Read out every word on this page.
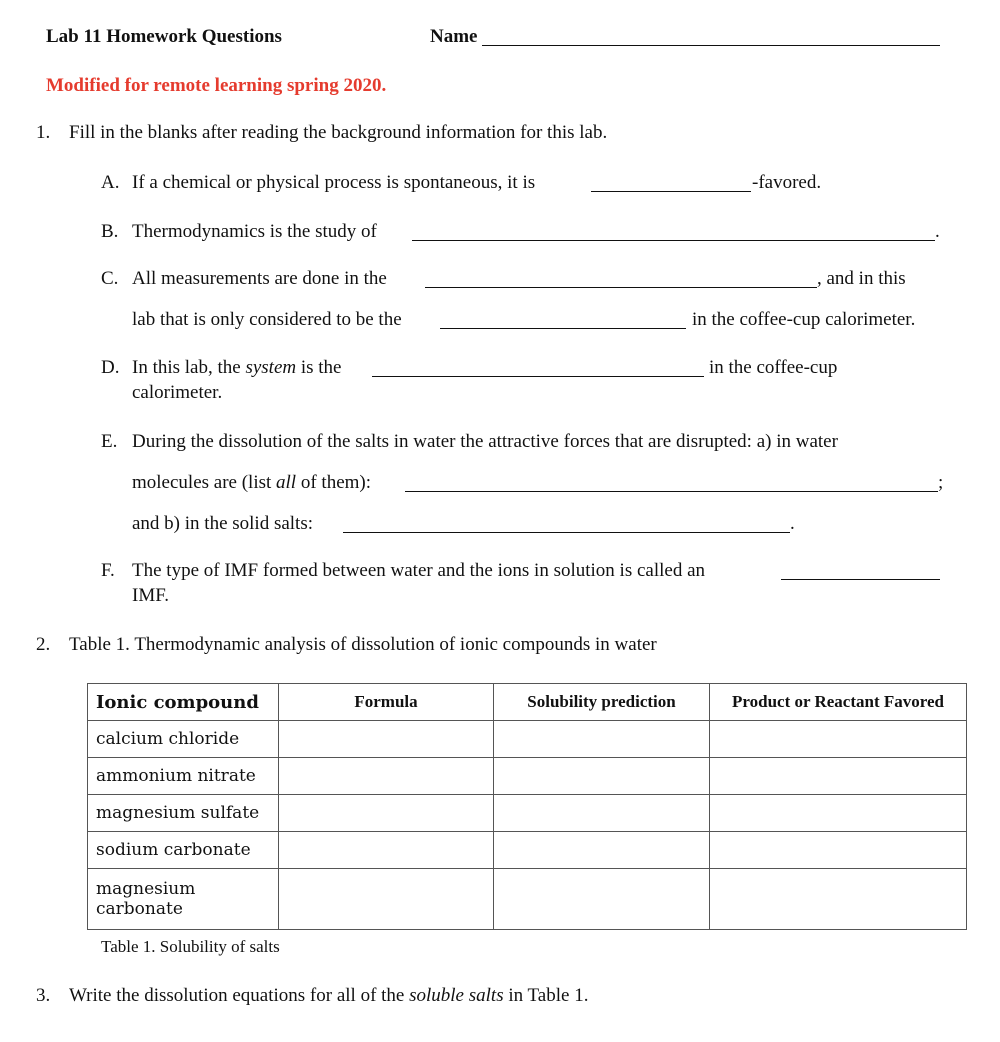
Lab 11 Homework Questions	Name
Modified for remote learning spring 2020.
1. Fill in the blanks after reading the background information for this lab.
A. If a chemical or physical process is spontaneous, it is	-favored.
B. Thermodynamics is the study of	.
C. All measurements are done in the	, and in this
lab that is only considered to be the	in the coffee-cup calorimeter.
D. In this lab, the system is the	in the coffee-cup
calorimeter.
E. During the dissolution of the salts in water the attractive forces that are disrupted: a) in water
molecules are (list all of them):	;
and b) in the solid salts:	.
F. The type of IMF formed between water and the ions in solution is called an
IMF.
2. Table 1. Thermodynamic analysis of dissolution of ionic compounds in water
Ionic compound	Formula	Solubility prediction	Product or Reactant Favored
calcium chloride			
ammonium nitrate			
magnesium sulfate			
sodium carbonate			
magnesium
carbonate			
Table 1. Solubility of salts
3. Write the dissolution equations for all of the soluble salts in Table 1.
